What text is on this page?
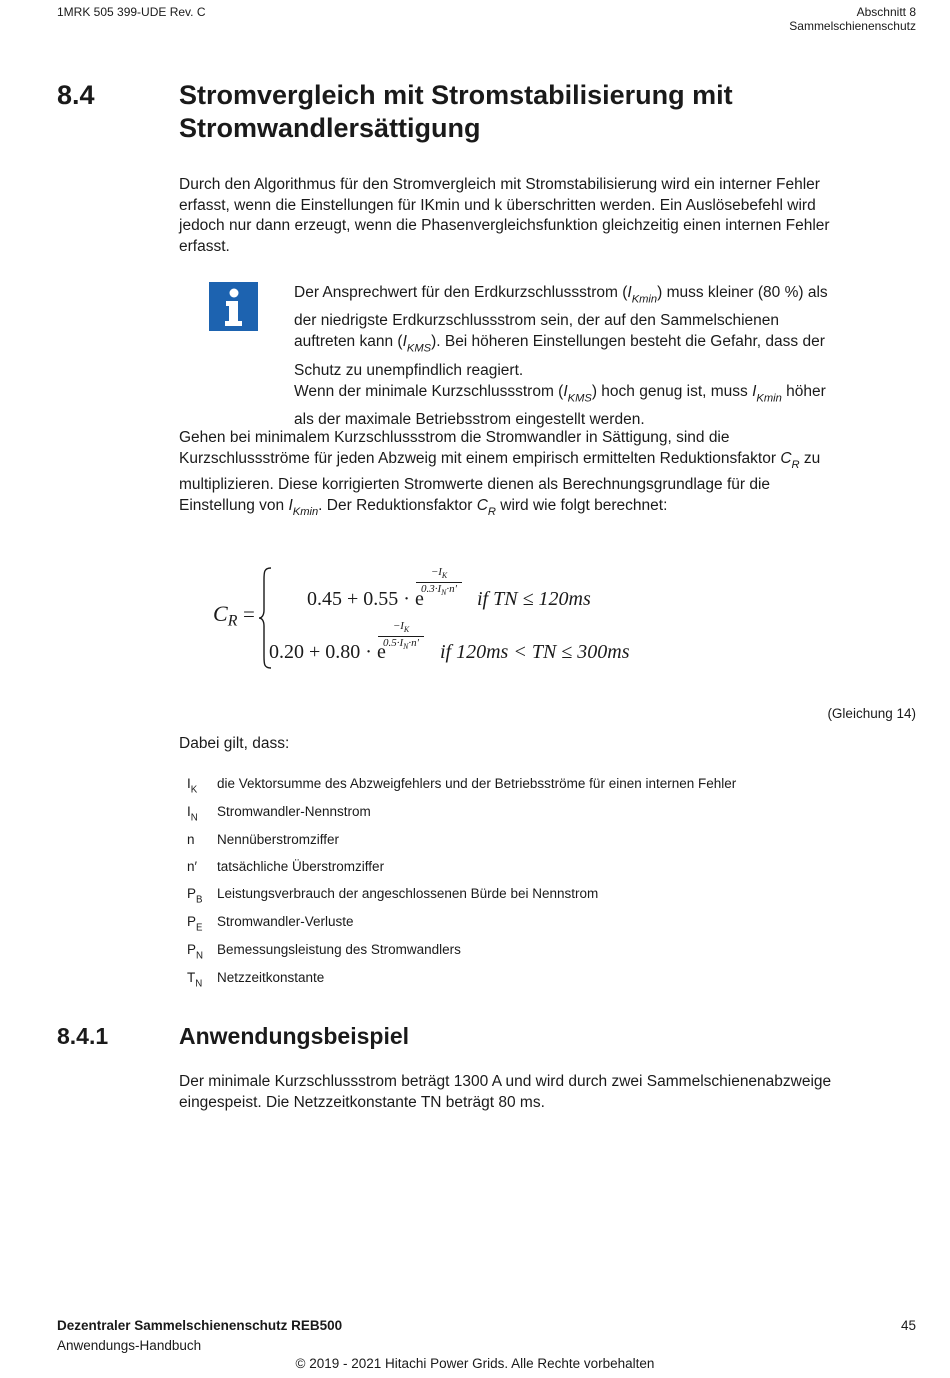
1MRK 505 399-UDE Rev. C	Abschnitt 8
Sammelschienenschutz
8.4	Stromvergleich mit Stromstabilisierung mit
Stromwandlersättigung
Durch den Algorithmus für den Stromvergleich mit Stromstabilisierung wird ein interner Fehler
erfasst, wenn die Einstellungen für IKmin und k überschritten werden. Ein Auslösebefehl wird
jedoch nur dann erzeugt, wenn die Phasenvergleichsfunktion gleichzeitig einen internen Fehler
erfasst.

Der Ansprechwert für den Erdkurzschlussstrom $(I_{Kmin})$ muss kleiner (80 %) als

der niedrigste Erdkurzschlussstrom sein, der auf den Sammelschienen

auftreten kann $(I_{KMS})$. Bei höheren Einstellungen besteht die Gefahr, dass der

Schutz zu unempfindlich reagiert.

Wenn der minimale Kurzschlussstrom $(I_{KMS})$ hoch genug ist, muss $I_{Kmin}$ höher

als der maximale Betriebsstrom eingestellt werden.

Gehen bei minimalem Kurzschlussstrom die Stromwandler in Sättigung, sind die
Kurzschlussströme für jeden Abzweig mit einem empirisch ermittelten Reduktionsfaktor $C_R$ zu
multiplizieren. Diese korrigierten Stromwerte dienen als Berechnungsgrundlage für die
Einstellung von $I_{Kmin}$. Der Reduktionsfaktor $C_R$ wird wie folgt berechnet:
$C_R$ =
0.45 + 0.55 · e
$-I_K$
$0.3\cdot I_N\cdot n'$ if TN ≤ 120ms
0.20 + 0.80 · e
$-I_K$
$0.5\cdot I_N\cdot n'$ if 120ms < TN ≤ 300ms
(Gleichung 14)
Dabei gilt, dass:
$I_K$	die Vektorsumme des Abzweigfehlers und der Betriebsströme für einen internen Fehler
$I_N$	Stromwandler-Nennstrom
n	Nennüberstromziffer
n′	tatsächliche Überstromziffer
$P_B$	Leistungsverbrauch der angeschlossenen Bürde bei Nennstrom
$P_E$	Stromwandler-Verluste
$P_N$	Bemessungsleistung des Stromwandlers
$T_N$	Netzzeitkonstante
8.4.1	Anwendungsbeispiel
Der minimale Kurzschlussstrom beträgt 1300 A und wird durch zwei Sammelschienenabzweige
eingespeist. Die Netzzeitkonstante TN beträgt 80 ms.
Dezentraler Sammelschienenschutz REB500
Anwendungs-Handbuch
45
© 2019 - 2021 Hitachi Power Grids. Alle Rechte vorbehalten
